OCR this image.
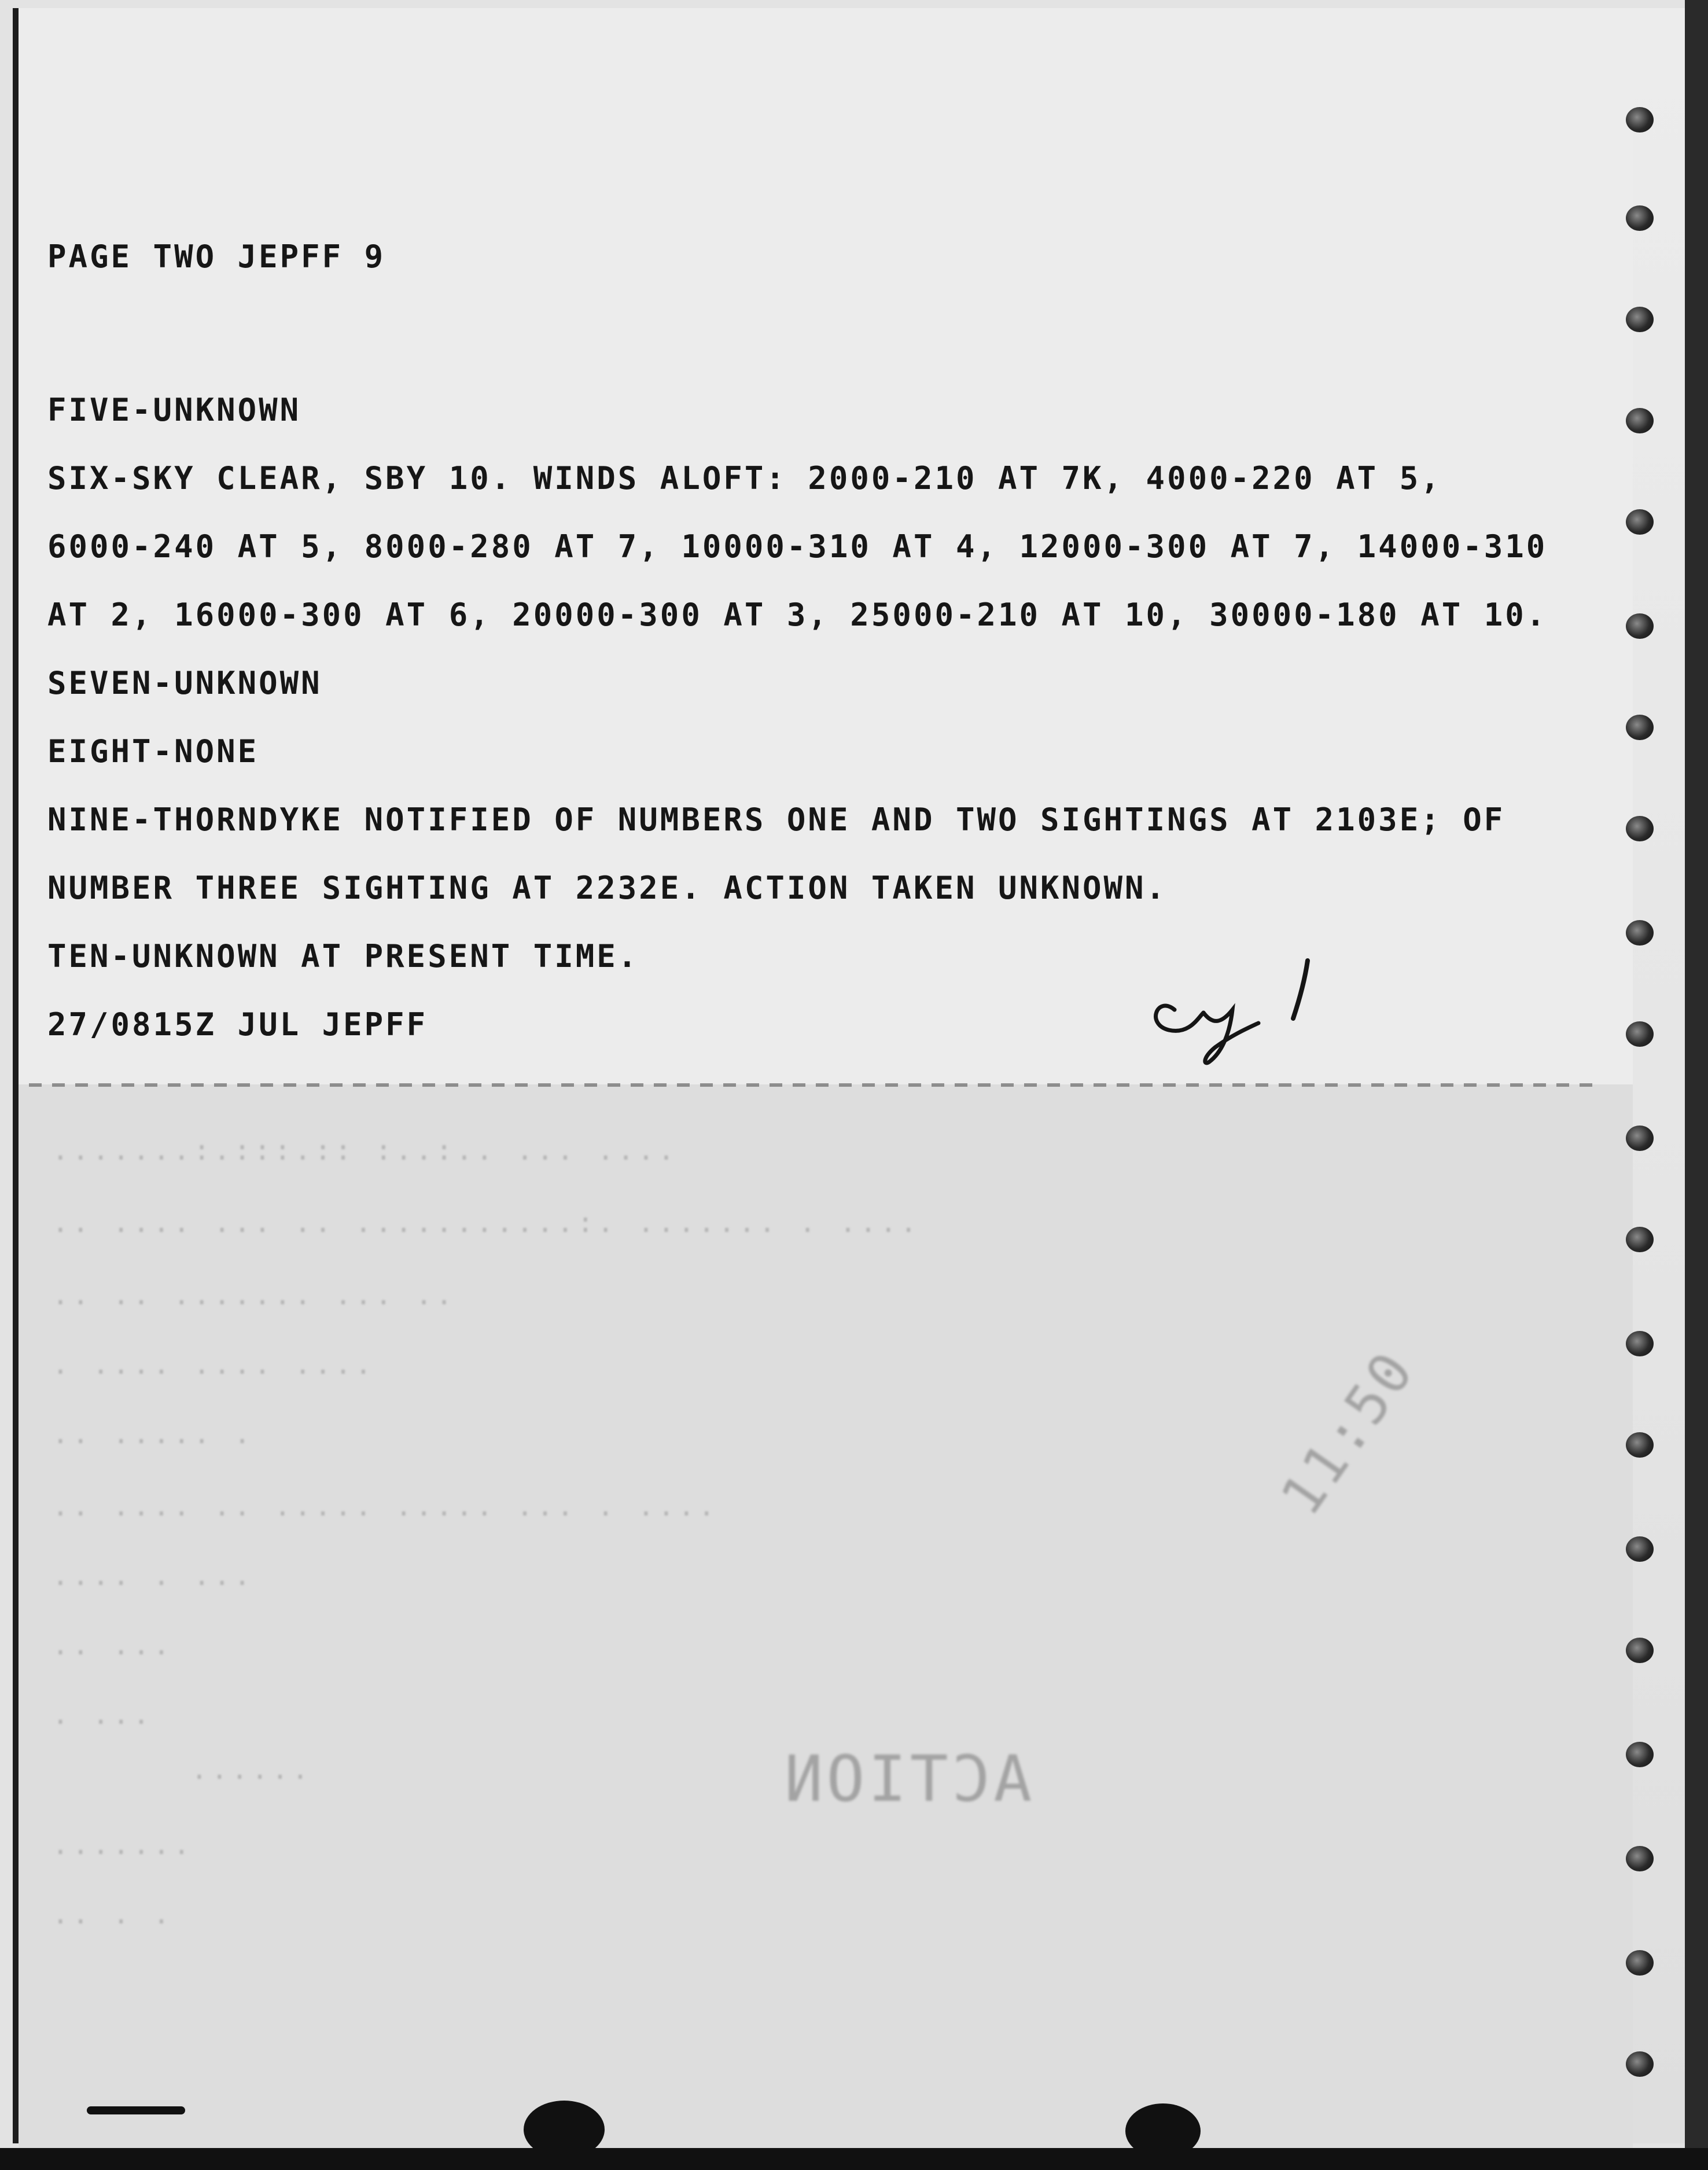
PAGE TWO JEPFF 9
FIVE-UNKNOWN
SIX-SKY CLEAR, SBY 10. WINDS ALOFT: 2000-210 AT 7K, 4000-220 AT 5,
6000-240 AT 5, 8000-280 AT 7, 10000-310 AT 4, 12000-300 AT 7, 14000-310
AT 2, 16000-300 AT 6, 20000-300 AT 3, 25000-210 AT 10, 30000-180 AT 10.
SEVEN-UNKNOWN
EIGHT-NONE
NINE-THORNDYKE NOTIFIED OF NUMBERS ONE AND TWO SIGHTINGS AT 2103E; OF
NUMBER THREE SIGHTING AT 2232E. ACTION TAKEN UNKNOWN.
TEN-UNKNOWN AT PRESENT TIME.
27/0815Z JUL JEPFF
.......:.:::.:: :..:.. ... ....
.. .... ... .. ...........:. ....... . ....
.. .. ....... ... ..
. .... .... ....
.. ..... .
.. .... .. ..... ..... ... . ....
.... . ...
.. ...
. ...
......
.......
.. . .
11:50
ACTION
